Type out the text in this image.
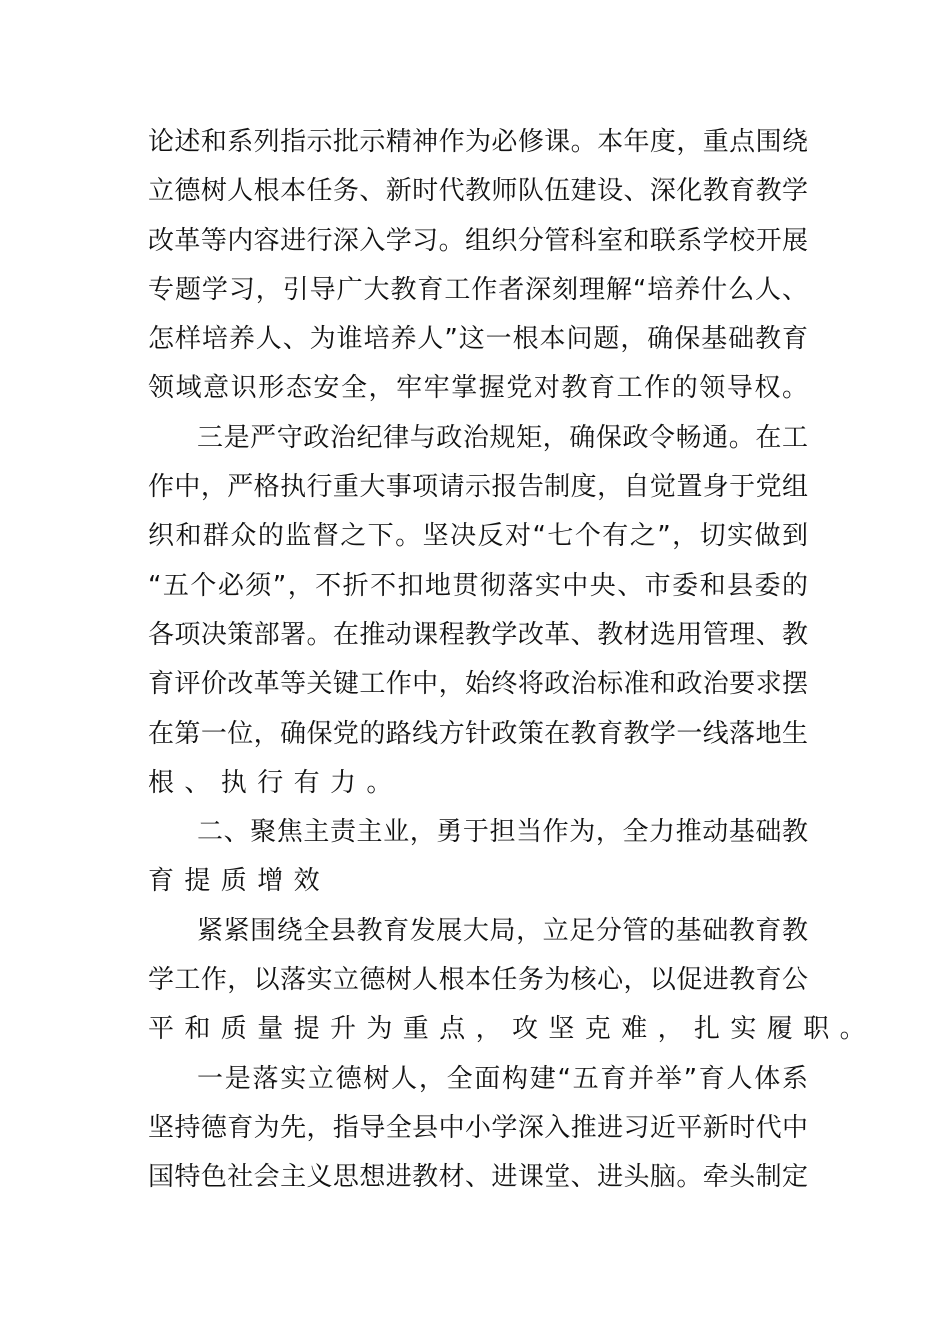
论述和系列指示批示精神作为必修课。本年度，重点围绕
立德树人根本任务、新时代教师队伍建设、深化教育教学
改革等内容进行深入学习。组织分管科室和联系学校开展
专题学习，引导广大教育工作者深刻理解“培养什么人、
怎样培养人、为谁培养人”这一根本问题，确保基础教育
领域意识形态安全，牢牢掌握党对教育工作的领导权。
三是严守政治纪律与政治规矩，确保政令畅通。在工
作中，严格执行重大事项请示报告制度，自觉置身于党组
织和群众的监督之下。坚决反对“七个有之”，切实做到
“五个必须”，不折不扣地贯彻落实中央、市委和县委的
各项决策部署。在推动课程教学改革、教材选用管理、教
育评价改革等关键工作中，始终将政治标准和政治要求摆
在第一位，确保党的路线方针政策在教育教学一线落地生
根、执行有力。
二、聚焦主责主业，勇于担当作为，全力推动基础教
育提质增效
紧紧围绕全县教育发展大局，立足分管的基础教育教
学工作，以落实立德树人根本任务为核心，以促进教育公
平和质量提升为重点，攻坚克难，扎实履职。
一是落实立德树人，全面构建“五育并举”育人体系
坚持德育为先，指导全县中小学深入推进习近平新时代中
国特色社会主义思想进教材、进课堂、进头脑。牵头制定
